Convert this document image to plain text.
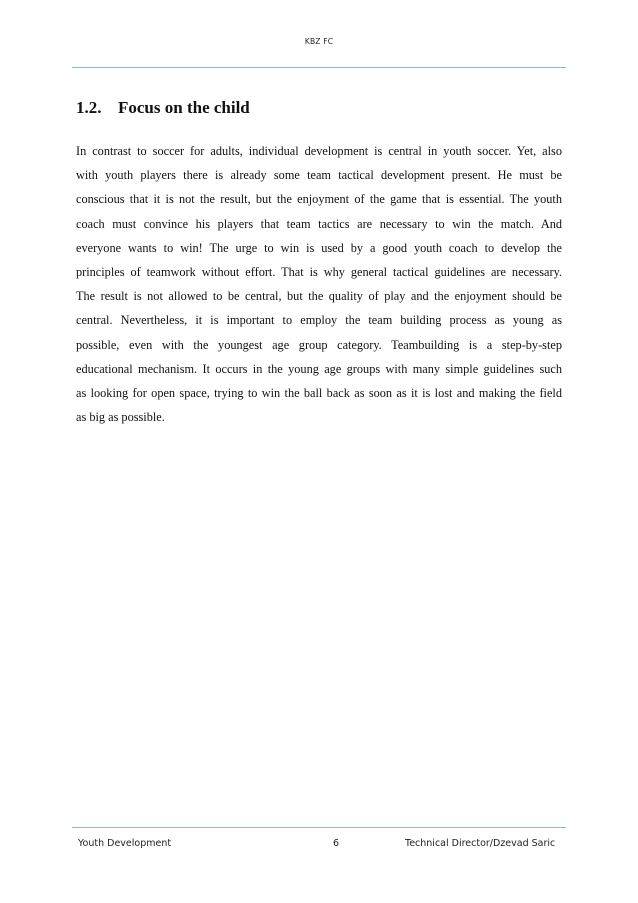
KBZ FC
1.2. Focus on the child
In contrast to soccer for adults, individual development is central in youth soccer. Yet, also
with youth players there is already some team tactical development present. He must be
conscious that it is not the result, but the enjoyment of the game that is essential. The youth
coach must convince his players that team tactics are necessary to win the match. And
everyone wants to win! The urge to win is used by a good youth coach to develop the
principles of teamwork without effort. That is why general tactical guidelines are necessary.
The result is not allowed to be central, but the quality of play and the enjoyment should be
central. Nevertheless, it is important to employ the team building process as young as
possible, even with the youngest age group category. Teambuilding is a step-by-step
educational mechanism. It occurs in the young age groups with many simple guidelines such
as looking for open space, trying to win the ball back as soon as it is lost and making the field
as big as possible.
Youth Development	6	Technical Director/Dzevad Saric
